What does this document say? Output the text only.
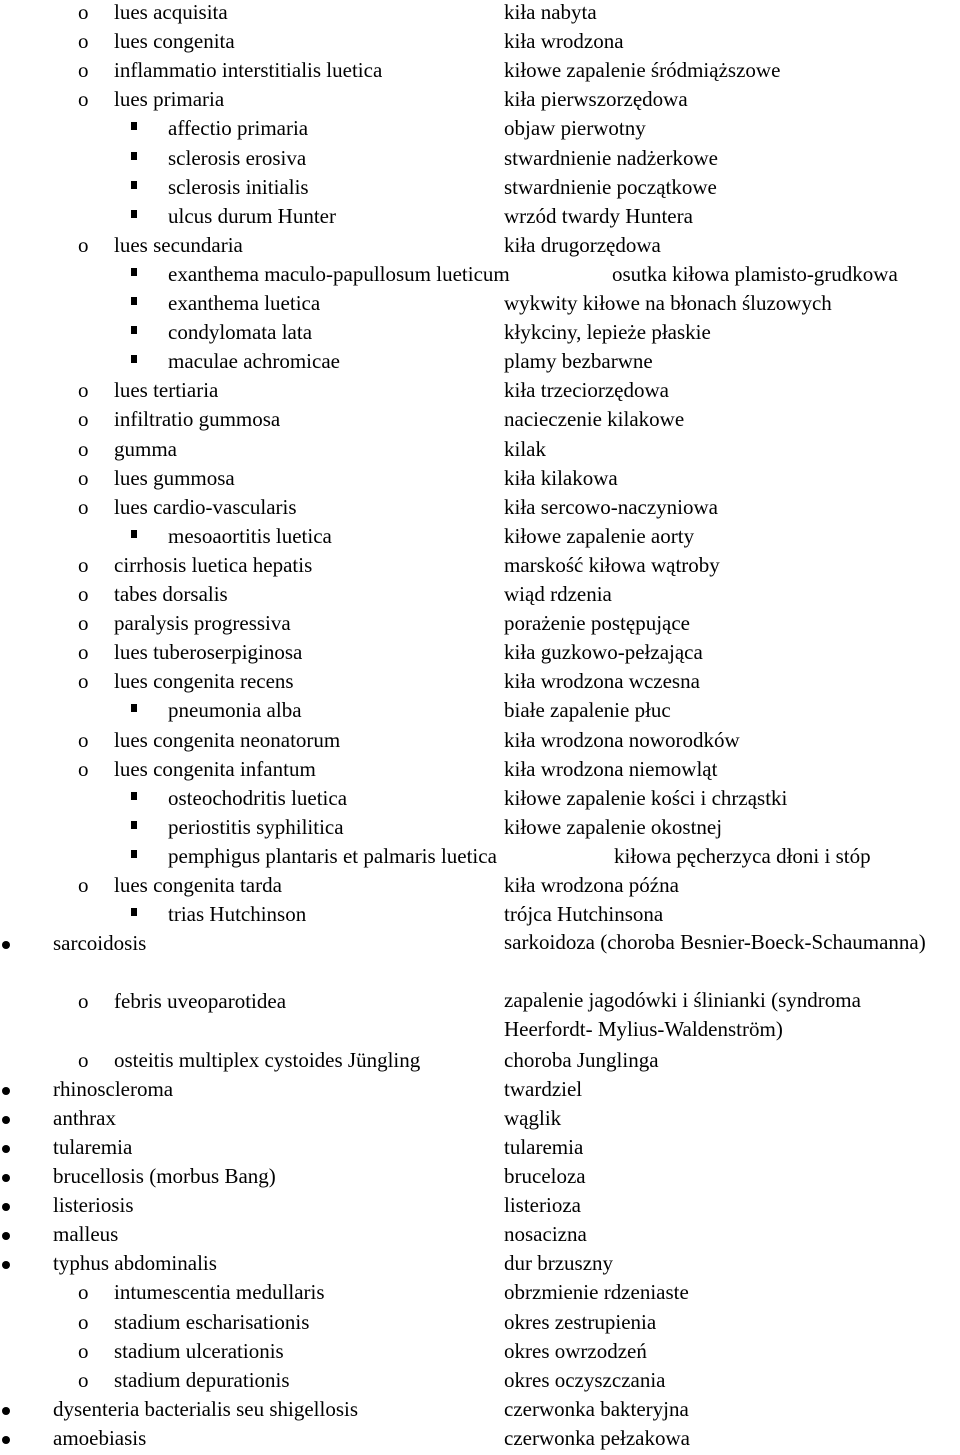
o lues acquisita	kiła nabyta
o lues congenita	kiła wrodzona
o inflammatio interstitialis luetica	kiłowe zapalenie śródmiąższowe
o lues primaria	kiła pierwszorzędowa
affectio primaria	objaw pierwotny
sclerosis erosiva	stwardnienie nadżerkowe
sclerosis initialis	stwardnienie początkowe
ulcus durum Hunter	wrzód twardy Huntera
o lues secundaria	kiła drugorzędowa
exanthema maculo-papullosum lueticum	osutka kiłowa plamisto-grudkowa
exanthema luetica	wykwity kiłowe na błonach śluzowych
condylomata lata	kłykciny, lepieże płaskie
maculae achromicae	plamy bezbarwne
o lues tertiaria	kiła trzeciorzędowa
o infiltratio gummosa	nacieczenie kilakowe
o gumma	kilak
o lues gummosa	kiła kilakowa
o lues cardio-vascularis	kiła sercowo-naczyniowa
mesoaortitis luetica	kiłowe zapalenie aorty
o cirrhosis luetica hepatis	marskość kiłowa wątroby
o tabes dorsalis	wiąd rdzenia
o paralysis progressiva	porażenie postępujące
o lues tuberoserpiginosa	kiła guzkowo-pełzająca
o lues congenita recens	kiła wrodzona wczesna
pneumonia alba	białe zapalenie płuc
o lues congenita neonatorum	kiła wrodzona noworodków
o lues congenita infantum	kiła wrodzona niemowląt
osteochodritis luetica	kiłowe zapalenie kości i chrząstki
periostitis syphilitica	kiłowe zapalenie okostnej
pemphigus plantaris et palmaris luetica	kiłowa pęcherzyca dłoni i stóp
o lues congenita tarda	kiła wrodzona późna
trias Hutchinson	trójca Hutchinsona
sarcoidosis	sarkoidoza (choroba Besnier-Boeck-Schaumanna)
o febris uveoparotidea	zapalenie jagodówki i ślinianki (syndroma Heerfordt- Mylius-Waldenström)
o osteitis multiplex cystoides Jüngling	choroba Junglinga
rhinoscleroma	twardziel
anthrax	wąglik
tularemia	tularemia
brucellosis (morbus Bang)	bruceloza
listeriosis	listerioza
malleus	nosacizna
typhus abdominalis	dur brzuszny
o intumescentia medullaris	obrzmienie rdzeniaste
o stadium escharisationis	okres zestrupienia
o stadium ulcerationis	okres owrzodzeń
o stadium depurationis	okres oczyszczania
dysenteria bacterialis seu shigellosis	czerwonka bakteryjna
amoebiasis	czerwonka pełzakowa
